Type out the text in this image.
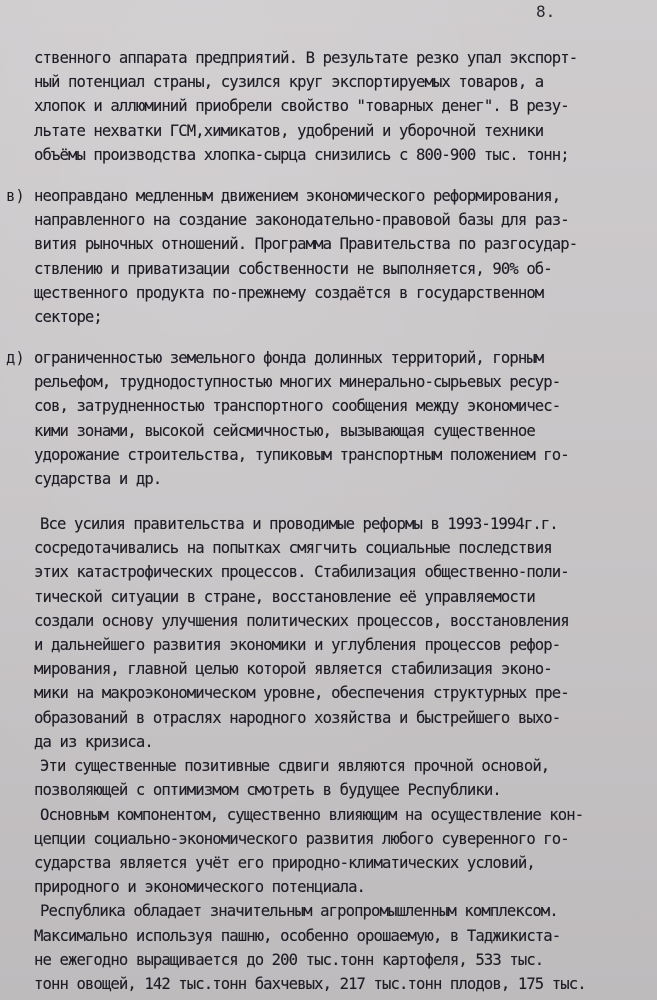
8.
ственного аппарата предприятий. В результате резко упал экспорт-
ный потенциал страны, сузился круг экспортируемых товаров, а
хлопок и аллюминий приобрели свойство "товарных денег". В резу-
льтате нехватки ГСМ,химикатов, удобрений и уборочной техники
объёмы производства хлопка-сырца снизились с 800-900 тыс. тонн;
в) неоправдано медленным движением экономического реформирования,
направленного на создание законодательно-правовой базы для раз-
вития рыночных отношений. Программа Правительства по разгосудар-
ствлению и приватизации собственности не выполняется, 90% об-
щественного продукта по-прежнему создаётся в государственном
секторе;
д) ограниченностью земельного фонда долинных территорий, горным
рельефом, труднодоступностью многих минерально-сырьевых ресур-
сов, затрудненностью транспортного сообщения между экономичес-
кими зонами, высокой сейсмичностью, вызывающая существенное
удорожание строительства, тупиковым транспортным положением го-
сударства и др.
Все усилия правительства и проводимые реформы в 1993-1994г.г.
сосредотачивались на попытках смягчить социальные последствия
этих катастрофических процессов. Стабилизация общественно-поли-
тической ситуации в стране, восстановление её управляемости
создали основу улучшения политических процессов, восстановления
и дальнейшего развития экономики и углубления процессов рефор-
мирования, главной целью которой является стабилизация эконо-
мики на макроэкономическом уровне, обеспечения структурных пре-
образований в отраслях народного хозяйства и быстрейшего выхо-
да из кризиса.
Эти существенные позитивные сдвиги являются прочной основой,
позволяющей с оптимизмом смотреть в будущее Республики.
Основным компонентом, существенно влияющим на осуществление кон-
цепции социально-экономического развития любого суверенного го-
сударства является учёт его природно-климатических условий,
природного и экономического потенциала.
Республика обладает значительным агропромышленным комплексом.
Максимально используя пашню, особенно орошаемую, в Таджикиста-
не ежегодно выращивается до 200 тыс.тонн картофеля, 533 тыс.
тонн овощей, 142 тыс.тонн бахчевых, 217 тыс.тонн плодов, 175 тыс.
